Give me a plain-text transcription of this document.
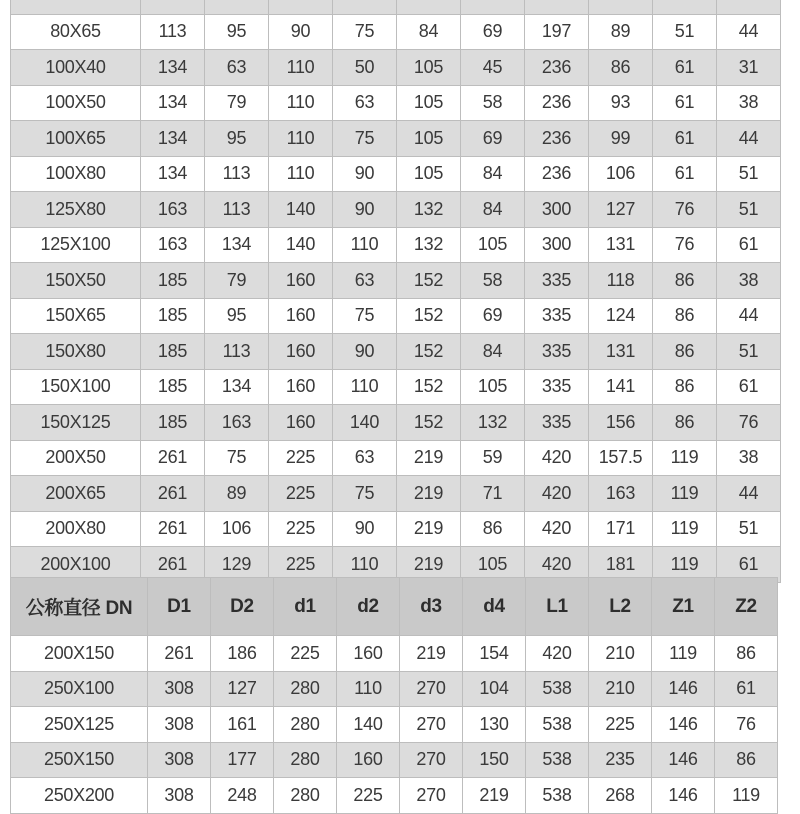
80X65	113	95	90	75	84	69	197	89	51	44
100X40	134	63	110	50	105	45	236	86	61	31
100X50	134	79	110	63	105	58	236	93	61	38
100X65	134	95	110	75	105	69	236	99	61	44
100X80	134	113	110	90	105	84	236	106	61	51
125X80	163	113	140	90	132	84	300	127	76	51
125X100	163	134	140	110	132	105	300	131	76	61
150X50	185	79	160	63	152	58	335	118	86	38
150X65	185	95	160	75	152	69	335	124	86	44
150X80	185	113	160	90	152	84	335	131	86	51
150X100	185	134	160	110	152	105	335	141	86	61
150X125	185	163	160	140	152	132	335	156	86	76
200X50	261	75	225	63	219	59	420	157.5	119	38
200X65	261	89	225	75	219	71	420	163	119	44
200X80	261	106	225	90	219	86	420	171	119	51
200X100	261	129	225	110	219	105	420	181	119	61
公称直径 DN	D1	D2	d1	d2	d3	d4	L1	L2	Z1	Z2
200X150	261	186	225	160	219	154	420	210	119	86
250X100	308	127	280	110	270	104	538	210	146	61
250X125	308	161	280	140	270	130	538	225	146	76
250X150	308	177	280	160	270	150	538	235	146	86
250X200	308	248	280	225	270	219	538	268	146	119
